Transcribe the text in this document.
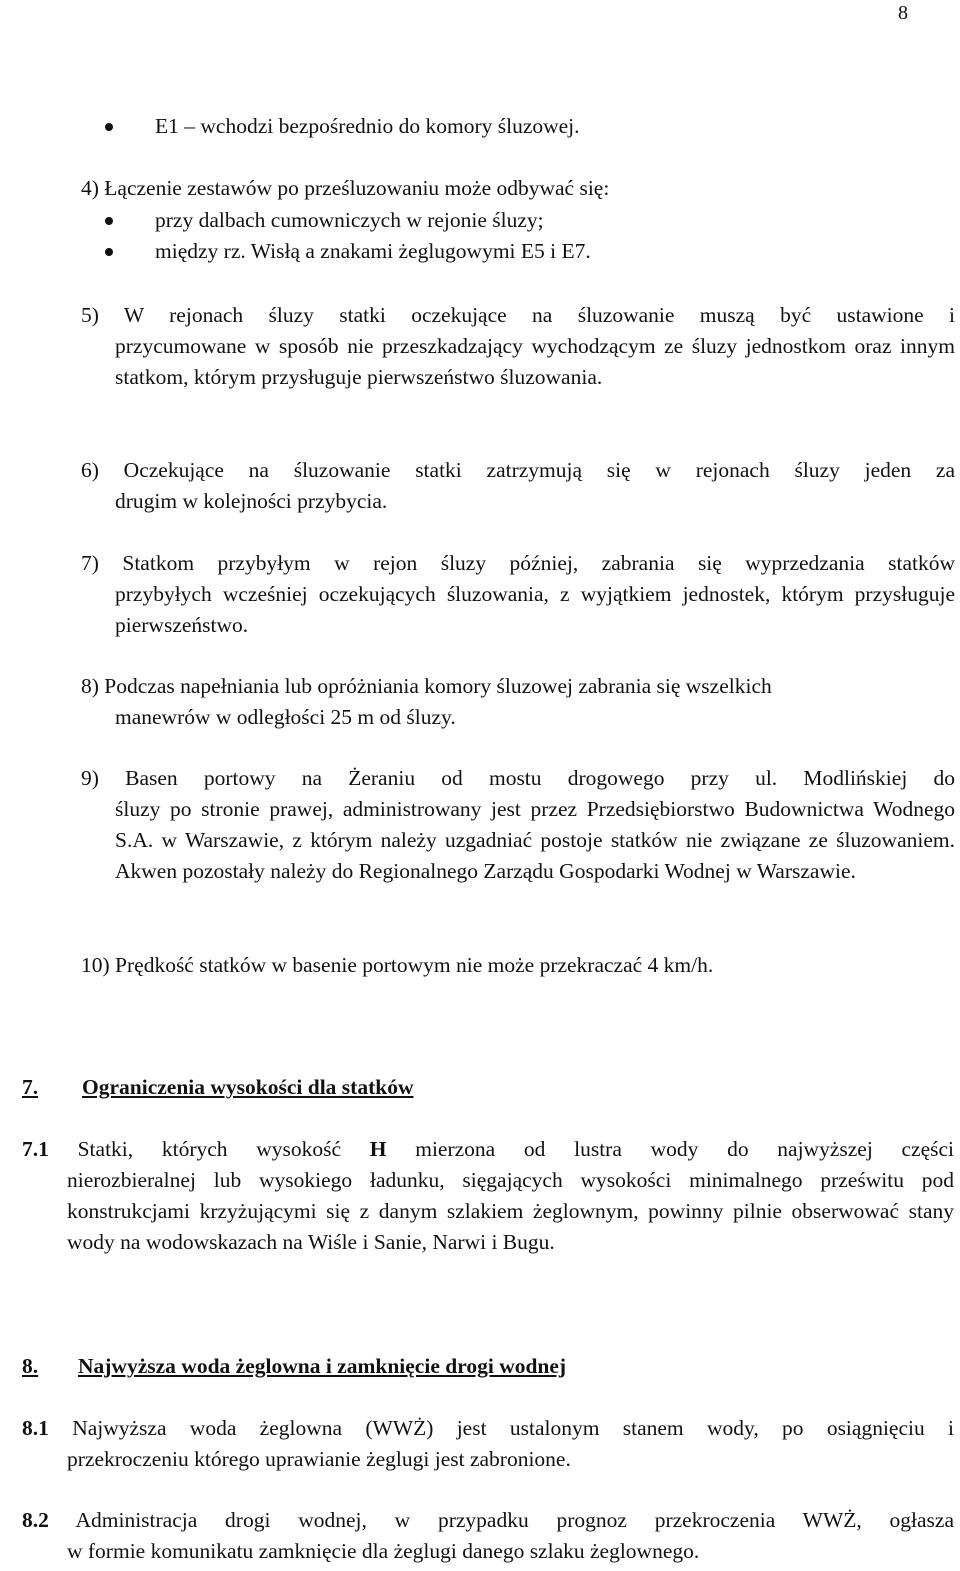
8
E1 – wchodzi bezpośrednio do komory śluzowej.
4) Łączenie zestawów po prześluzowaniu może odbywać się:
przy dalbach cumowniczych w rejonie śluzy;
między rz. Wisłą a znakami żeglugowymi E5 i E7.
5) W rejonach śluzy statki oczekujące na śluzowanie muszą być ustawione i
przycumowane w sposób nie przeszkadzający wychodzącym ze śluzy jednostkom oraz innym statkom, którym przysługuje pierwszeństwo śluzowania.
6) Oczekujące na śluzowanie statki zatrzymują się w rejonach śluzy jeden za
drugim w kolejności przybycia.
7) Statkom przybyłym w rejon śluzy później, zabrania się wyprzedzania statków
przybyłych wcześniej oczekujących śluzowania, z wyjątkiem jednostek, którym przysługuje pierwszeństwo.
8) Podczas napełniania lub opróżniania komory śluzowej zabrania się wszelkich
manewrów w odległości 25 m od śluzy.
9) Basen portowy na Żeraniu od mostu drogowego przy ul. Modlińskiej do
śluzy po stronie prawej, administrowany jest przez Przedsiębiorstwo Budownictwa Wodnego S.A. w Warszawie, z którym należy uzgadniać postoje statków nie związane ze śluzowaniem. Akwen pozostały należy do Regionalnego Zarządu Gospodarki Wodnej w Warszawie.
10) Prędkość statków w basenie portowym nie może przekraczać 4 km/h.
7. Ograniczenia wysokości dla statków
7.1 Statki, których wysokość H mierzona od lustra wody do najwyższej części
nierozbieralnej lub wysokiego ładunku, sięgających wysokości minimalnego prześwitu pod konstrukcjami krzyżującymi się z danym szlakiem żeglownym, powinny pilnie obserwować stany wody na wodowskazach na Wiśle i Sanie, Narwi i Bugu.
8. Najwyższa woda żeglowna i zamknięcie drogi wodnej
8.1 Najwyższa woda żeglowna (WWŻ) jest ustalonym stanem wody, po osiągnięciu i
przekroczeniu którego uprawianie żeglugi jest zabronione.
8.2 Administracja drogi wodnej, w przypadku prognoz przekroczenia WWŻ, ogłasza
w formie komunikatu zamknięcie dla żeglugi danego szlaku żeglownego.
